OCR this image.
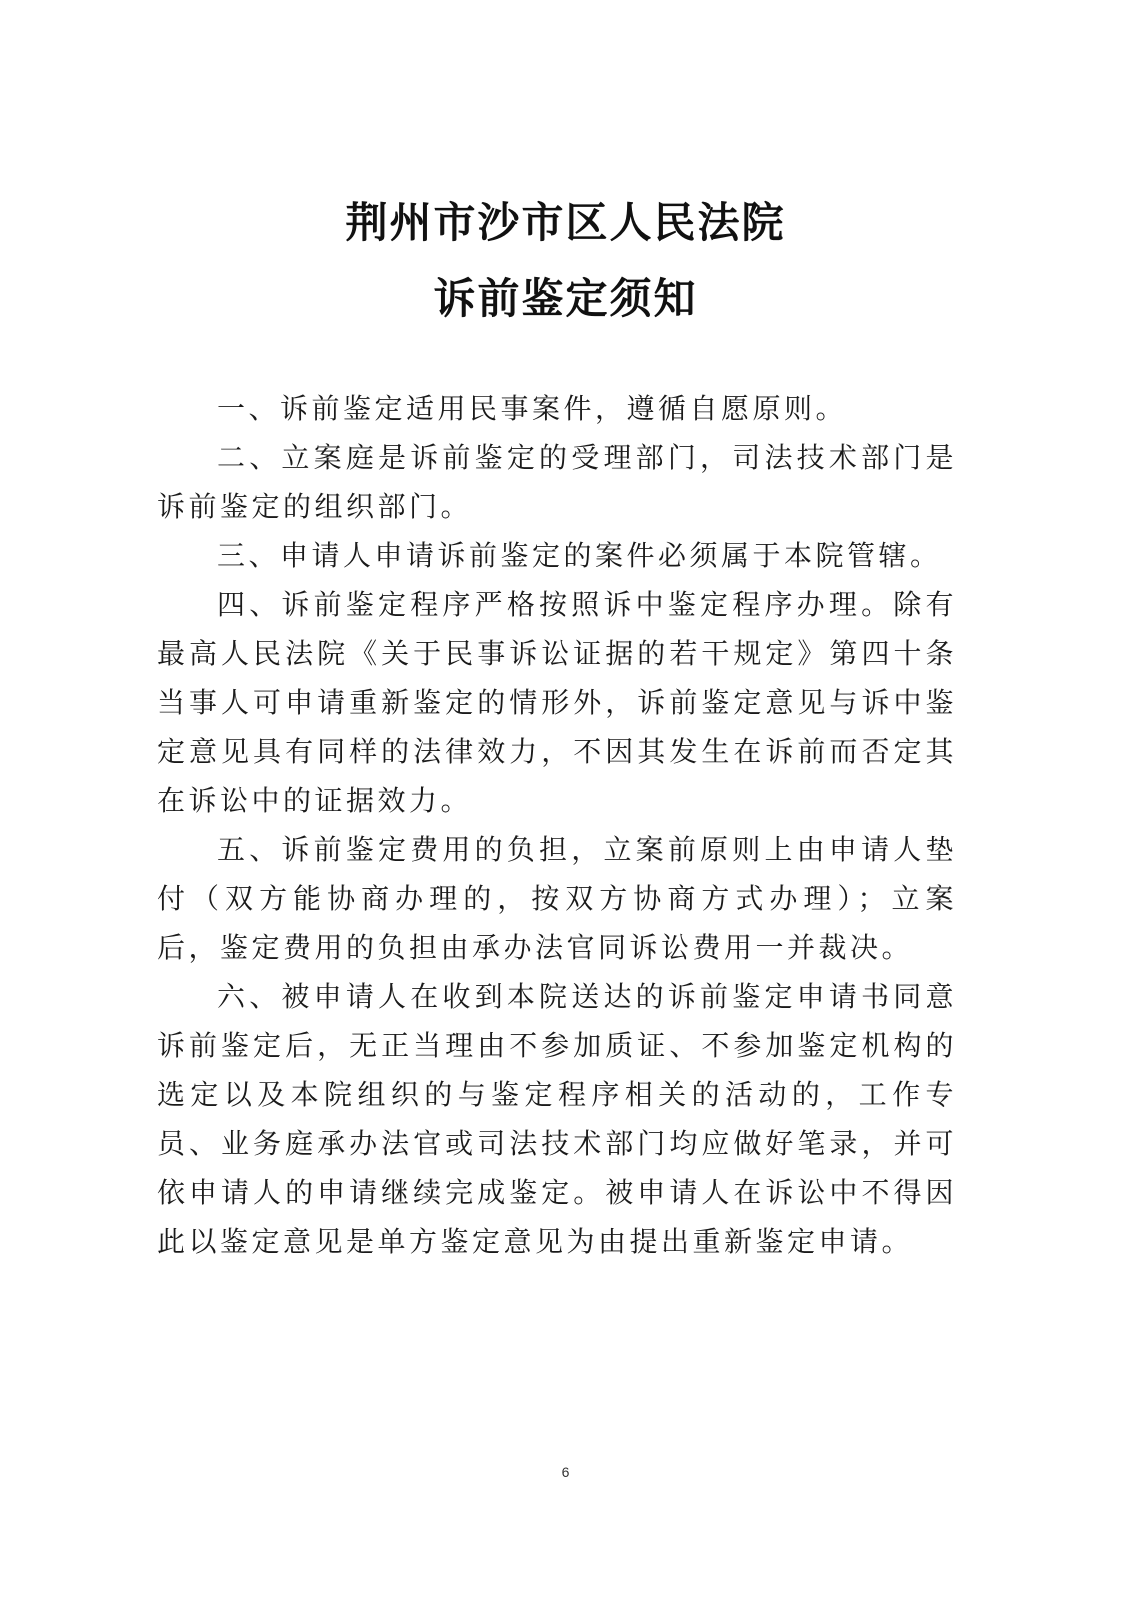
荆州市沙市区人民法院
诉前鉴定须知

一、诉前鉴定适用民事案件，遵循自愿原则。

二、立案庭是诉前鉴定的受理部门，司法技术部门是诉前鉴定的组织部门。

三、申请人申请诉前鉴定的案件必须属于本院管辖。

四、诉前鉴定程序严格按照诉中鉴定程序办理。除有最高人民法院《关于民事诉讼证据的若干规定》第四十条当事人可申请重新鉴定的情形外，诉前鉴定意见与诉中鉴定意见具有同样的法律效力，不因其发生在诉前而否定其在诉讼中的证据效力。

五、诉前鉴定费用的负担，立案前原则上由申请人垫付（双方能协商办理的，按双方协商方式办理）；立案后，鉴定费用的负担由承办法官同诉讼费用一并裁决。

六、被申请人在收到本院送达的诉前鉴定申请书同意诉前鉴定后，无正当理由不参加质证、不参加鉴定机构的选定以及本院组织的与鉴定程序相关的活动的，工作专员、业务庭承办法官或司法技术部门均应做好笔录，并可依申请人的申请继续完成鉴定。被申请人在诉讼中不得因此以鉴定意见是单方鉴定意见为由提出重新鉴定申请。

6
